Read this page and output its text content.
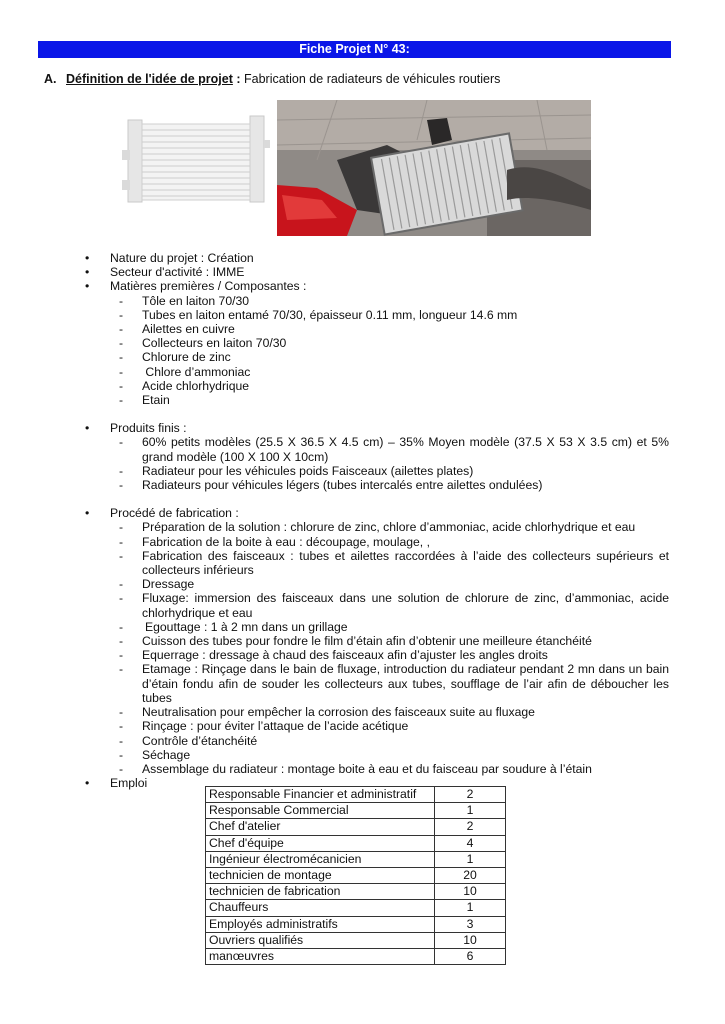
Fiche Projet N° 43:
A. Définition de l'idée de projet : Fabrication de radiateurs de véhicules routiers
• Nature du projet : Création
• Secteur d'activité : IMME
• Matières premières / Composantes :
- Tôle en laiton 70/30
- Tubes en laiton entamé 70/30, épaisseur 0.11 mm, longueur 14.6 mm
- Ailettes en cuivre
- Collecteurs en laiton 70/30
- Chlorure de zinc
- Chlore d’ammoniac
- Acide chlorhydrique
- Etain
• Produits finis :
- 60% petits modèles (25.5 X 36.5 X 4.5 cm) – 35% Moyen modèle (37.5 X 53 X 3.5 cm) et 5% grand modèle (100 X 100 X 10cm)
- Radiateur pour les véhicules poids Faisceaux (ailettes plates)
- Radiateurs pour véhicules légers (tubes intercalés entre ailettes ondulées)
• Procédé de fabrication :
- Préparation de la solution : chlorure de zinc, chlore d’ammoniac, acide chlorhydrique et eau
- Fabrication de la boite à eau : découpage, moulage, ,
- Fabrication des faisceaux : tubes et ailettes raccordées à l’aide des collecteurs supérieurs et collecteurs inférieurs
- Dressage
- Fluxage: immersion des faisceaux dans une solution de chlorure de zinc, d’ammoniac, acide chlorhydrique et eau
- Egouttage : 1 à 2 mn dans un grillage
- Cuisson des tubes pour fondre le film d’étain afin d’obtenir une meilleure étanchéité
- Equerrage : dressage à chaud des faisceaux afin d’ajuster les angles droits
- Etamage : Rinçage dans le bain de fluxage, introduction du radiateur pendant 2 mn dans un bain d’étain fondu afin de souder les collecteurs aux tubes, soufflage de l’air afin de déboucher les tubes
- Neutralisation pour empêcher la corrosion des faisceaux suite au fluxage
- Rinçage : pour éviter l’attaque de l’acide acétique
- Contrôle d’étanchéité
- Séchage
- Assemblage du radiateur : montage boite à eau et du faisceau par soudure à l’étain
• Emploi
Responsable Financier et administratif	2
Responsable Commercial	1
Chef d'atelier	2
Chef d'équipe	4
Ingénieur électromécanicien	1
technicien de montage	20
technicien de fabrication	10
Chauffeurs	1
Employés administratifs	3
Ouvriers qualifiés	10
manœuvres	6
